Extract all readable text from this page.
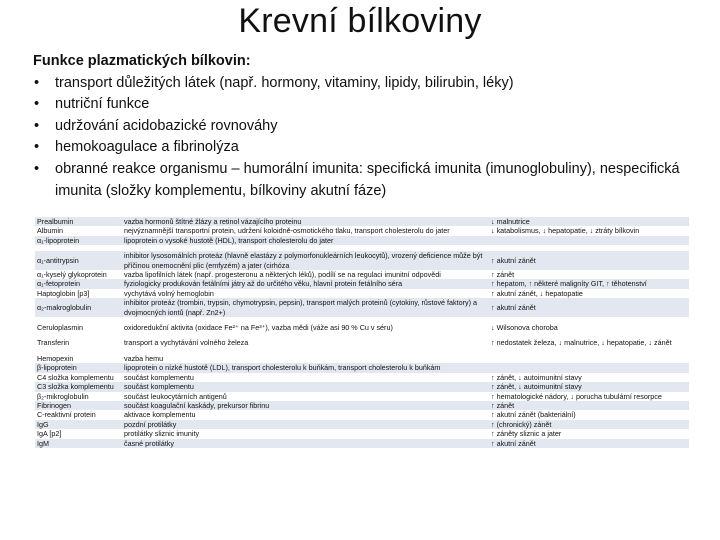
Krevní bílkoviny
Funkce plazmatických bílkovin:
• transport důležitých látek (např. hormony, vitaminy, lipidy, bilirubin, léky)
• nutriční funkce
• udržování acidobazické rovnováhy
• hemokoagulace a fibrinolýza
• obranné reakce organismu – humorální imunita: specifická imunita (imunoglobuliny), nespecifická imunita (složky komplementu, bílkoviny akutní fáze)
Prealbumin	vazba hormonů štítné žlázy a retinol vázajícího proteinu	↓ malnutrice
Albumin	nejvýznamnější transportní protein, udržení koloidně-osmotického tlaku, transport cholesterolu do jater	↓ katabolismus, ↓ hepatopatie, ↓ ztráty bílkovin
α₁-lipoprotein	lipoprotein o vysoké hustotě (HDL), transport cholesterolu do jater	

α₁-antitrypsin	inhibitor lysosomálních proteáz (hlavně elastázy z polymorfonukleárních leukocytů), vrozený deficience může být příčinou onemocnění plic (emfyzém) a jater (cirhóza	↑ akutní zánět
α₁-kyselý glykoprotein	vazba lipofilních látek (např. progesteronu a některých léků), podílí se na regulaci imunitní odpovědi	↑ zánět
α₁-fetoprotein	fyziologicky produkován fetálními játry až do určitého věku, hlavní protein fetálního séra	↑ hepatom, ↑ některé maligníty GIT, ↑ těhotenství
Haptoglobin [p3]	vychytává volný hemoglobin	↑ akutní zánět, ↓ hepatopatie
α₂-makroglobulin	inhibitor proteáz (trombin, trypsin, chymotrypsin, pepsin), transport malých proteinů (cytokiny, růstové faktory) a dvojmocných iontů (např. Zn2+)	↑ akutní zánět

Ceruloplasmin	oxidoredukční aktivita (oxidace Fe²⁺ na Fe³⁺), vazba mědi (váže asi 90 % Cu v séru)	↓ Wilsonova choroba

Transferin	transport a vychytávání volného železa	↑ nedostatek železa, ↓ malnutrice, ↓ hepatopatie, ↓ zánět

Hemopexin	vazba hemu	
β-lipoprotein	lipoprotein o nízké hustotě (LDL), transport cholesterolu k buňkám, transport cholesterolu k buňkám	
C4 složka komplementu	součást komplementu	↑ zánět, ↓ autoimunitní stavy
C3 složka komplementu	součást komplementu	↑ zánět, ↓ autoimunitní stavy
β₂-mikroglobulin	součást leukocytárních antigenů	↑ hematologické nádory, ↓ porucha tubulární resorpce
Fibrinogen	součást koagulační kaskády, prekursor fibrinu	↑ zánět
C-reaktivní protein	aktivace komplementu	↑ akutní zánět (bakteriální)
IgG	pozdní protilátky	↑ (chronický) zánět
IgA [p2]	protilátky sliznic imunity	↑ záněty sliznic a jater
IgM	časné protilátky	↑ akutní zánět
